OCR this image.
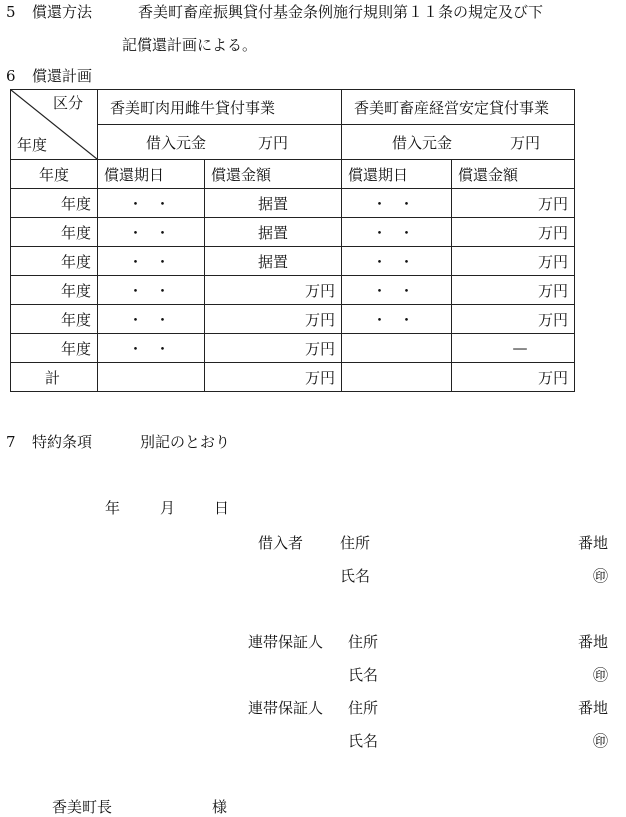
5 償還方法	香美町畜産振興貸付基金条例施行規則第１１条の規定及び下
記償還計画による。
6 償還計画
区分
年度	香美町肉用雌牛貸付事業		香美町畜産経営安定貸付事業	
	借入元金 万円		借入元金 万円	
年度	償還期日	償還金額	償還期日	償還金額
年度	・・	据置	・・	万円
年度	・・	据置	・・	万円
年度	・・	据置	・・	万円
年度	・・	万円	・・	万円
年度	・・	万円	・・	万円
年度	・・	万円		—
計		万円		万円
7 特約条項	別記のとおり
年	月	日
借入者 住所	番地
氏名	㊞
連帯保証人 住所	番地
氏名	㊞
連帯保証人 住所	番地
氏名	㊞
香美町長	様
